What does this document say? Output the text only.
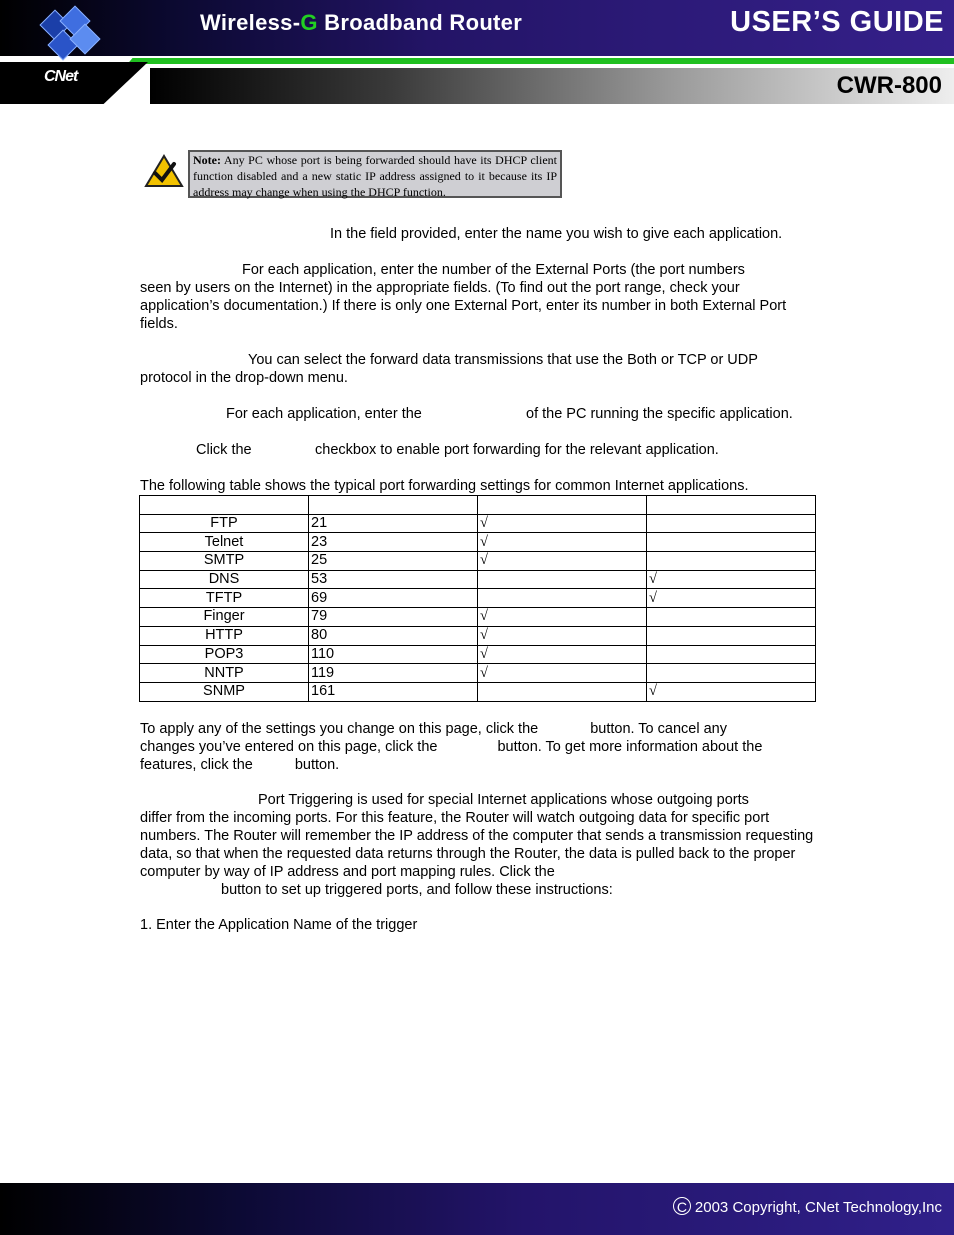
CNet
Wireless-G Broadband Router	USER’S GUIDE
CWR-800
Note: Any PC whose port is being forwarded should have its DHCP client function disabled and a new static IP address assigned to it because its IP address may change when using the DHCP function.
In the field provided, enter the name you wish to give each application.
For each application, enter the number of the External Ports (the port numbers
seen by users on the Internet) in the appropriate fields. (To find out the port range, check your application’s documentation.) If there is only one External Port, enter its number in both External Port fields.
You can select the forward data transmissions that use the Both or TCP or UDP
protocol in the drop-down menu.
For each application, enter the	of the PC running the specific application.
Click the	checkbox to enable port forwarding for the relevant application.
The following table shows the typical port forwarding settings for common Internet applications.

FTP	21	√	
Telnet	23	√	
SMTP	25	√	
DNS	53		√
TFTP	69		√
Finger	79	√	
HTTP	80	√	
POP3	110	√	
NNTP	119	√	
SNMP	161		√
To apply any of the settings you change on this page, click the	button. To cancel any
changes you’ve entered on this page, click the	button. To get more information about the
features, click the	button.
Port Triggering is used for special Internet applications whose outgoing ports
differ from the incoming ports. For this feature, the Router will watch outgoing data for specific port numbers. The Router will remember the IP address of the computer that sends a transmission requesting data, so that when the requested data returns through the Router, the data is pulled back to the proper computer by way of IP address and port mapping rules. Click the
button to set up triggered ports, and follow these instructions:
1. Enter the Application Name of the trigger
C 2003 Copyright, CNet Technology,Inc
